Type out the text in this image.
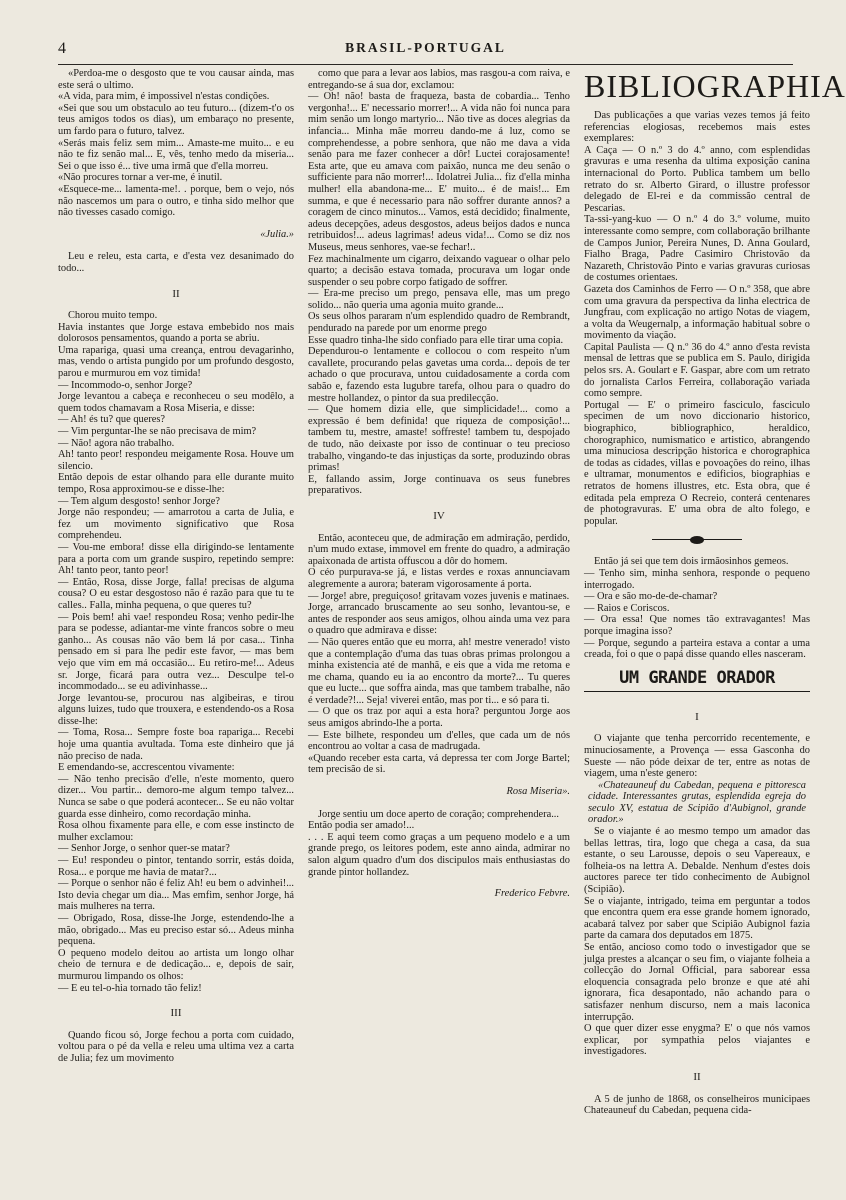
4	BRASIL-PORTUGAL

«Perdoa-me o desgosto que te vou causar ainda, mas este será o ultimo.
«A vida, para mim, é impossivel n'estas condições.
«Sei que sou um obstaculo ao teu futuro... (dizem-t'o os teus amigos todos os dias), um embaraço no presente, um fardo para o futuro, talvez.
«Serás mais feliz sem mim... Amaste-me muito... e eu não te fiz senão mal... E, vês, tenho medo da miseria... Sei o que isso é... tive uma irmã que d'ella morreu.
«Não procures tornar a ver-me, é inutil.
«Esquece-me... lamenta-me!. . porque, bem o vejo, nós não nascemos um para o outro, e tinha sido melhor que não tivesses casado comigo.

«Julia.»

Leu e releu, esta carta, e d'esta vez desanimado do todo...

II

Chorou muito tempo.
Havia instantes que Jorge estava embebido nos mais dolorosos pensamentos, quando a porta se abriu.
Uma rapariga, quasi uma creança, entrou devagarinho, mas, vendo o artista pungido por um profundo desgosto, parou e murmurou em voz timida!
— Incommodo-o, senhor Jorge?
Jorge levantou a cabeça e reconheceu o seu modêlo, a quem todos chamavam a Rosa Miseria, e disse:
— Ah! és tu? que queres?
— Vim perguntar-lhe se não precisava de mim?
— Não! agora não trabalho.
Ah! tanto peor! respondeu meigamente Rosa. Houve um silencio.
Então depois de estar olhando para elle durante muito tempo, Rosa approximou-se e disse-lhe:
— Tem algum desgosto! senhor Jorge?
Jorge não respondeu; — amarrotou a carta de Julia, e fez um movimento significativo que Rosa comprehendeu.
— Vou-me embora! disse ella dirigindo-se lentamente para a porta com um grande suspiro, repetindo sempre: Ah! tanto peor, tanto peor!
— Então, Rosa, disse Jorge, falla! precisas de alguma cousa? O eu estar desgostoso não é razão para que tu te calles.. Falla, minha pequena, o que queres tu?
— Pois bem! ahi vae! respondeu Rosa; venho pedir-lhe para se podesse, adiantar-me vinte francos sobre o meu ganho... As cousas não vão bem lá por casa... Tinha pensado em si para lhe pedir este favor, — mas bem vejo que vim em má occasião... Eu retiro-me!... Adeus sr. Jorge, ficará para outra vez... Desculpe tel-o incommodado... se eu adivinhasse...
Jorge levantou-se, procurou nas algibeiras, e tirou alguns luizes, tudo que trouxera, e estendendo-os a Rosa disse-lhe:
— Toma, Rosa... Sempre foste boa raparigа... Recebi hoje uma quantia avultada. Toma este dinheiro que já não preciso de nada.
E emendando-se, accrescentou vivamente:
— Não tenho precisão d'elle, n'este momento, quero dizer... Vou partir... demoro-me algum tempo talvez... Nunca se sabe o que poderá acontecer... Se eu não voltar guarda esse dinheiro, como recordação minha.
Rosa olhou fixamente para elle, e com esse instincto de mulher exclamou:
— Senhor Jorge, o senhor quer-se matar?
— Eu! respondeu o pintor, tentando sorrir, estás doida, Rosa... e porque me havia de matar?...
— Porque o senhor não é feliz Ah! eu bem o advinhei!... Isto devia chegar um dia... Mas emfim, senhor Jorge, há mais mulheres na terra.
— Obrigado, Rosa, disse-lhe Jorge, estendendo-lhe a mão, obrigado... Mas eu preciso estar só... Adeus minha pequena.
O pequeno modelo deitou ao artista um longo olhar cheio de ternura e de dedicação... e, depois de sair, murmurou limpando os olhos:
— E eu tel-o-hia tornado tão feliz!

III

Quando ficou só, Jorge fechou a porta com cuidado, voltou para o pé da vella e releu uma ultima vez a carta de Julia; fez um movimento

como que para a levar aos labios, mas rasgou-a com raiva, e entregando-se á sua dor, exclamou:
— Oh! não! basta de fraqueza, basta de cobardia... Tenho vergonha!... E' necessario morrer!... A vida não foi nunca para mim senão um longo martyrio... Não tive as doces alegrias da infancia... Minha mãe morreu dando-me á luz, como se comprehendesse, a pobre senhora, que não me dava a vida senão para me fazer conhecer a dôr! Luctei corajosamente! Esta arte, que eu amava com paixão, nunca me deu senão o sufficiente para não morrer!... Idolatrei Julia... fiz d'ella minha mulher! ella abandona-me... E' muito... é de mais!... Em summa, e que é necessario para não soffrer durante annos? a coragem de cinco minutos... Vamos, está decidido; finalmente, adeus decepções, adeus desgostos, adeus beijos dados e nunca retribuidos!... adeus lagrimas! adeus vida!... Como se diz nos Museus, meus senhores, vae-se fechar!..
Fez machinalmente um cigarro, deixando vaguear o olhar pelo quarto; a decisão estava tomada, procurava um logar onde suspender o seu pobre corpo fatigado de soffrer.
— Era-me preciso um prego, pensava elle, mas um prego solido... não queria uma agonia muito grande...
Os seus olhos pararam n'um esplendido quadro de Rembrandt, pendurado na parede por um enorme prego
Esse quadro tinha-lhe sido confiado para elle tirar uma copia.
Dependurou-o lentamente e collocou o com respeito n'um cavallete, procurando pelas gavetas uma corda... depois de ter achado o que procurava, untou cuidadosamente a corda com sabão e, fazendo esta lugubre tarefa, olhou para o quadro do mestre hollandez, o pintor da sua predilecção.
— Que homem dizia elle, que simplicidade!... como a expressão é bem definida! que riqueza de composição!... tambem tu, mestre, amaste! soffreste! tambem tu, despojado de tudo, não deixaste por isso de continuar o teu precioso trabalho, vingando-te das injustiças da sorte, produzindo obras primas!
E, fallando assim, Jorge continuava os seus funebres preparativos.

IV

Então, aconteceu que, de admiração em admiração, perdido, n'um mudo extase, immovel em frente do quadro, a admiração apaixonada de artista offuscou a dôr do homem.
O céo purpurava-se já, e listas verdes e roxas annunciavam alegremente a aurora; bateram vigorosamente á porta.
— Jorge! abre, preguiçoso! gritavam vozes juvenis e matinaes.
Jorge, arrancado bruscamente ao seu sonho, levantou-se, e antes de responder aos seus amigos, olhou ainda uma vez para o quadro que admirava e disse:
— Não queres então que eu morra, ah! mestre venerado! visto que a contemplação d'uma das tuas obras primas prolongou a minha existencia até de manhã, e eis que a vida me retoma e me chama, quando eu ia ao encontro da morte?... Tu queres que eu lucte... que soffra ainda, mas que tambem trabalhe, não é verdade?!... Seja! viverei então, mas por ti... e só para ti.
— O que os traz por aqui a esta hora? perguntou Jorge aos seus amigos abrindo-lhe a porta.
— Este bilhete, respondeu um d'elles, que cada um de nós encontrou ao voltar a casa de madrugada.
«Quando receber esta carta, vá depressa ter com Jorge Bartel; tem precisão de si.

Rosa Miseria».

Jorge sentiu um doce aperto de coração; comprehendera...
Então podia ser amado!...
. . . E aqui teem como graças a um pequeno modelo e a um grande prego, os leitores podem, este anno ainda, admirar no salon algum quadro d'um dos discipulos mais enthusiastas do grande pintor hollandez.

Frederico Febvre.

BIBLIOGRAPHIA

Das publicações a que varias vezes temos já feito referencias elogiosas, recebemos mais estes exemplares:
A Caça — O n.º 3 do 4.º anno, com esplendidas gravuras e uma resenha da ultima exposição canina internacional do Porto. Publica tambem um bello retrato do sr. Alberto Girard, o illustre professor delegado de El-rei e da commissão central de Pescarias.
Ta-ssi-yang-kuo — O n.º 4 do 3.º volume, muito interessante como sempre, com collaboração brilhante de Campos Junior, Pereira Nunes, D. Anna Goulard, Fialho Braga, Padre Casimiro Christovão da Nazareth, Christovão Pinto e varias gravuras curiosas de costumes orientaes.
Gazeta dos Caminhos de Ferro — O n.º 358, que abre com uma gravura da perspectiva da linha electrica de Jungfrau, com explicação no artigo Notas de viagem, a volta da Weugernalp, a informação habitual sobre o movimento da viação.
Capital Paulista — Q n.º 36 do 4.º anno d'esta revista mensal de lettras que se publica em S. Paulo, dirigida pelos srs. A. Goulart e F. Gaspar, abre com um retrato do jornalista Carlos Ferreira, collaboração variada como sempre.
Portugal — E' o primeiro fasciculo, fasciculo specimen de um novo diccionario historico, biographico, bibliographico, heraldico, chorographico, numismatico e artistico, abrangendo uma minuciosa descripção historica e chorographica de todas as cidades, villas e povoações do reino, ilhas e ultramar, monumentos e edificios, biographias e retratos de homens illustres, etc. Esta obra, que é editada pela empreza O Recreio, conterá centenares de photogravuras. E' uma obra de alto folego, e popular.

Então já sei que tem dois irmãosinhos gemeos.
— Tenho sim, minha senhora, responde o pequeno interrogado.
— Ora e são mo-de-de-chamar?
— Raios e Coriscos.
— Ora essa! Que nomes tão extravagantes! Mas porque imagina isso?
— Porque, segundo a parteira estava a contar a uma creada, foi o que o papá disse quando elles nasceram.

UM GRANDE ORADOR
I

O viajante que tenha percorrido recentemente, e minuciosamente, a Provença — essa Gasconha do Sueste — não póde deixar de ter, entre as notas de viagem, uma n'este genero:

«Chateauneuf du Cabedan, pequena e pittoresca cidade. Interessantes grutas, esplendida egreja do seculo XV, estatua de Scipião d'Aubignol, grande orador.»

Se o viajante é ao mesmo tempo um amador das bellas lettras, tira, logo que chega a casa, da sua estante, o seu Larousse, depois o seu Vapereaux, e folheia-os na lettra A. Debalde. Nenhum d'estes dois auctores parece ter tido conhecimento de Aubignol (Scipião).
Se o viajante, intrigado, teima em perguntar a todos que encontra quem era esse grande homem ignorado, acabará talvez por saber que Scipião Aubignol fazia parte da camara dos deputados em 1875.
Se então, ancioso como todo o investigador que se julga prestes a alcançar o seu fim, o viajante folheia a collecção do Jornal Official, para saborear essa eloquencia consagrada pelo bronze e que até ahi ignorara, fica desapontado, não achando para o satisfazer nenhum discurso, nem a mais laconica interrupção.
O que quer dizer esse enygma? E' o que nós vamos explicar, por sympathia pelos viajantes e investigadores.

II

A 5 de junho de 1868, os conselheiros municipaes Chateauneuf du Cabedan, pequena cida-
